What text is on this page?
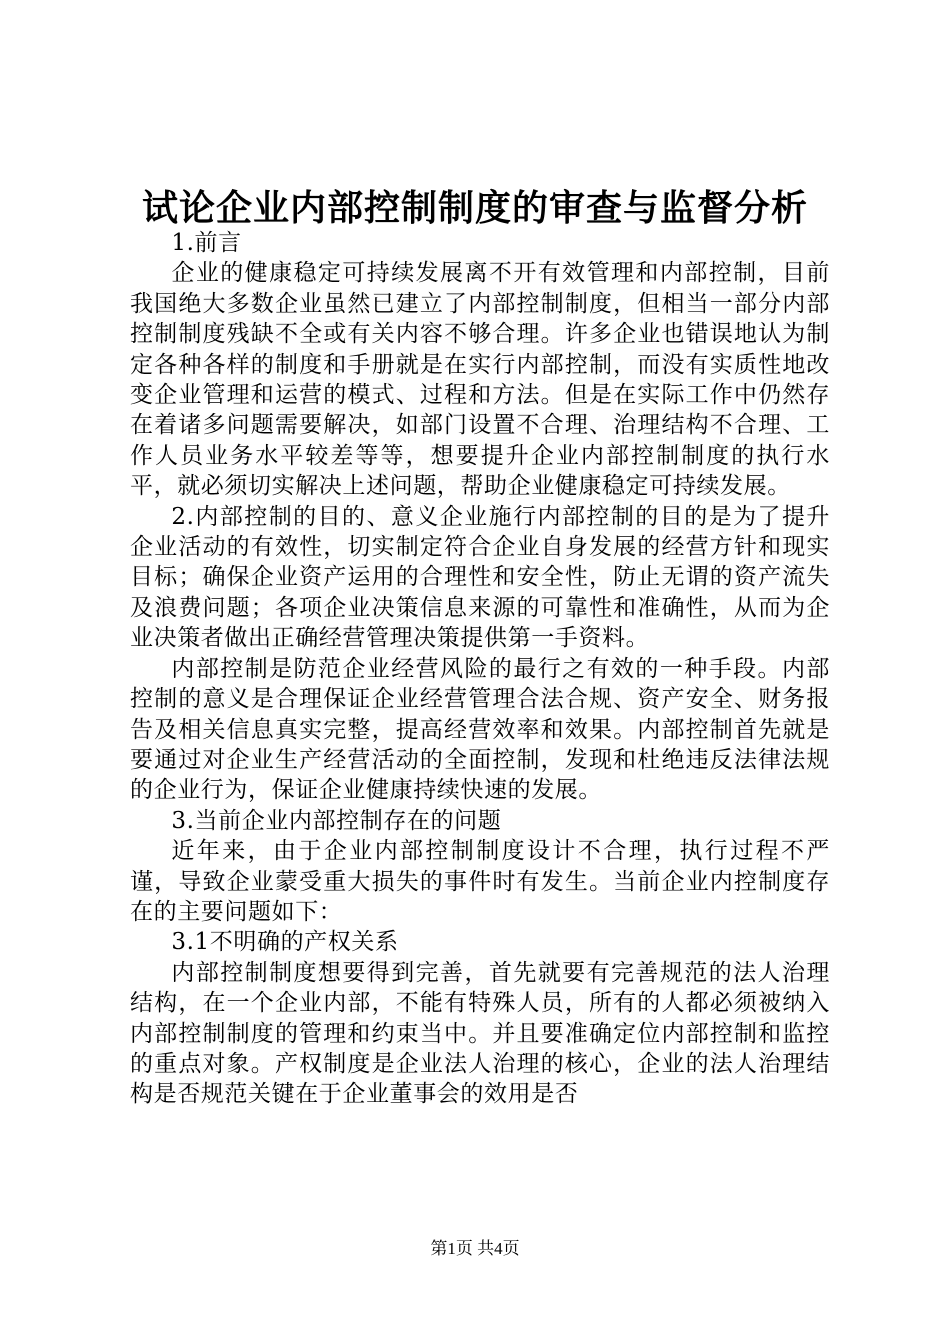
试论企业内部控制制度的审查与监督分析

1.前言

企业的健康稳定可持续发展离不开有效管理和内部控制，目前我国绝大多数企业虽然已建立了内部控制制度，但相当一部分内部控制制度残缺不全或有关内容不够合理。许多企业也错误地认为制定各种各样的制度和手册就是在实行内部控制，而没有实质性地改变企业管理和运营的模式、过程和方法。但是在实际工作中仍然存在着诸多问题需要解决，如部门设置不合理、治理结构不合理、工作人员业务水平较差等等，想要提升企业内部控制制度的执行水平，就必须切实解决上述问题，帮助企业健康稳定可持续发展。

2.内部控制的目的、意义企业施行内部控制的目的是为了提升企业活动的有效性，切实制定符合企业自身发展的经营方针和现实目标；确保企业资产运用的合理性和安全性，防止无谓的资产流失及浪费问题；各项企业决策信息来源的可靠性和准确性，从而为企业决策者做出正确经营管理决策提供第一手资料。

内部控制是防范企业经营风险的最行之有效的一种手段。内部控制的意义是合理保证企业经营管理合法合规、资产安全、财务报告及相关信息真实完整，提高经营效率和效果。内部控制首先就是要通过对企业生产经营活动的全面控制，发现和杜绝违反法律法规的企业行为，保证企业健康持续快速的发展。

3.当前企业内部控制存在的问题

近年来，由于企业内部控制制度设计不合理，执行过程不严谨，导致企业蒙受重大损失的事件时有发生。当前企业内控制度存在的主要问题如下：

3.1不明确的产权关系

内部控制制度想要得到完善，首先就要有完善规范的法人治理结构，在一个企业内部，不能有特殊人员，所有的人都必须被纳入内部控制制度的管理和约束当中。并且要准确定位内部控制和监控的重点对象。产权制度是企业法人治理的核心，企业的法人治理结构是否规范关键在于企业董事会的效用是否

第1页 共4页
